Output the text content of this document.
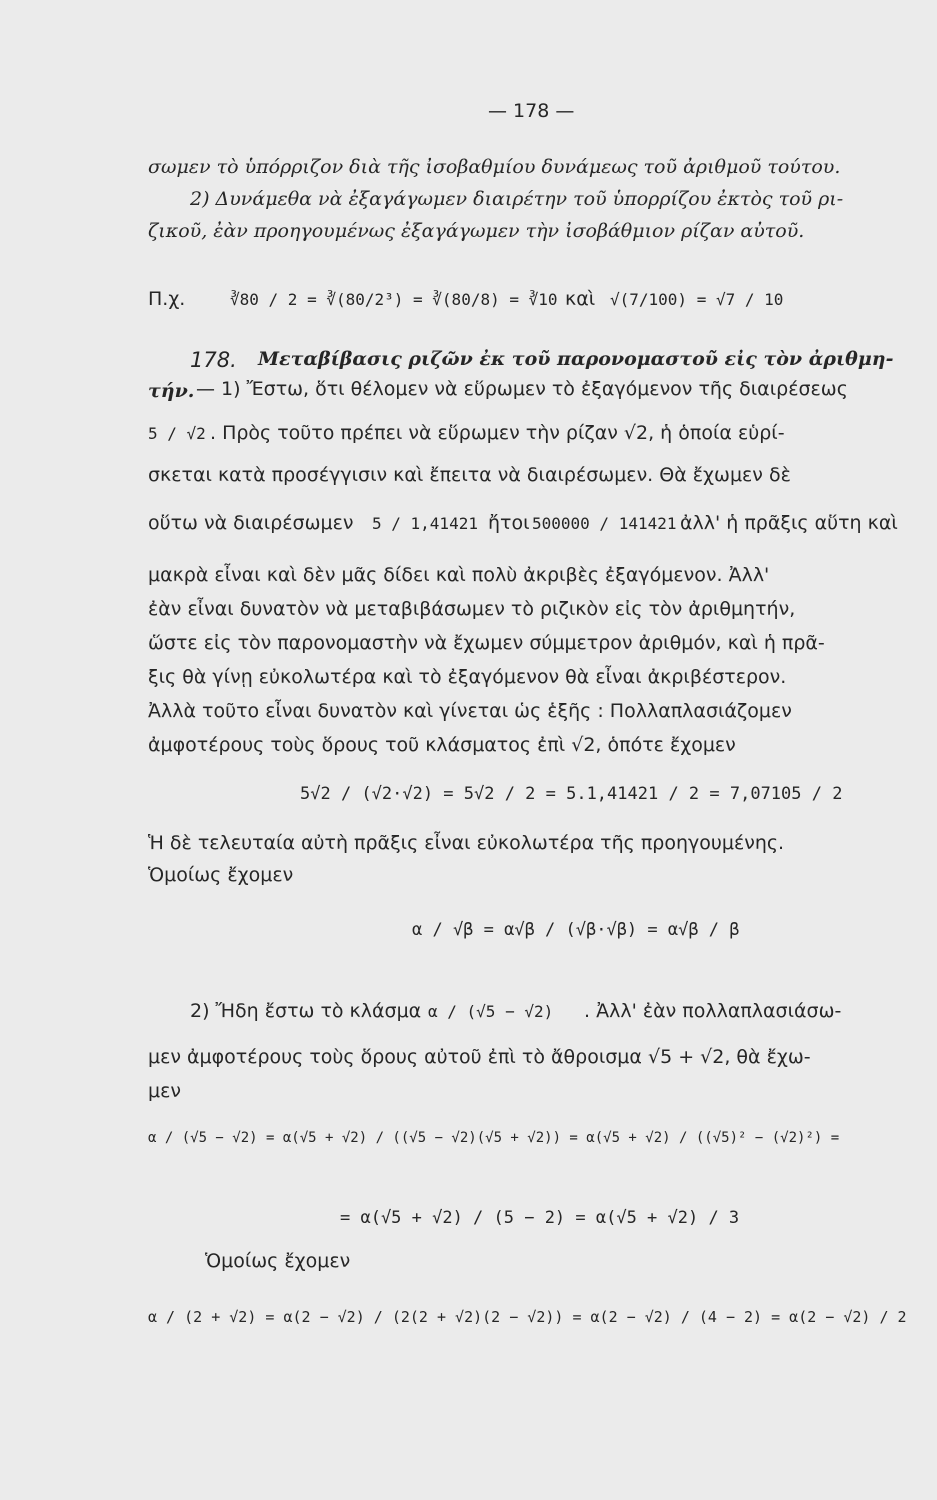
— 178 —
σωμεν τὸ ὑπόρριζον διὰ τῆς ἰσοβαθμίου δυνάμεως τοῦ ἀριθμοῦ τούτου.
2) Δυνάμεθα νὰ ἐξαγάγωμεν διαιρέτην τοῦ ὑπορρίζου ἐκτὸς τοῦ ρι-
ζικοῦ, ἐὰν προηγουμένως ἐξαγάγωμεν τὴν ἰσοβάθμιον ρίζαν αὐτοῦ.
Π.χ.	∛80 / 2 = ∛(80/2³) = ∛(80/8) = ∛10 καὶ √(7/100) = √7 / 10
178. Μεταβίβασις ριζῶν ἐκ τοῦ παρονομαστοῦ εἰς τὸν ἀριθμη-
τήν. — 1) Ἔστω, ὅτι θέλομεν νὰ εὕρωμεν τὸ ἐξαγόμενον τῆς διαιρέσεως
5 / √2 . Πρὸς τοῦτο πρέπει νὰ εὕρωμεν τὴν ρίζαν √2, ἡ ὁποία εὑρί-
σκεται κατὰ προσέγγισιν καὶ ἔπειτα νὰ διαιρέσωμεν. Θὰ ἔχωμεν δὲ
οὕτω νὰ διαιρέσωμεν 5 / 1,41421 ἤτοι 500000 / 141421 ἀλλ' ἡ πρᾶξις αὕτη καὶ
μακρὰ εἶναι καὶ δὲν μᾶς δίδει καὶ πολὺ ἀκριβὲς ἐξαγόμενον. Ἀλλ'
ἐὰν εἶναι δυνατὸν νὰ μεταβιβάσωμεν τὸ ριζικὸν εἰς τὸν ἀριθμητήν,
ὥστε εἰς τὸν παρονομαστὴν νὰ ἔχωμεν σύμμετρον ἀριθμόν, καὶ ἡ πρᾶ-
ξις θὰ γίνῃ εὐκολωτέρα καὶ τὸ ἐξαγόμενον θὰ εἶναι ἀκριβέστερον.
Ἀλλὰ τοῦτο εἶναι δυνατὸν καὶ γίνεται ὡς ἑξῆς : Πολλαπλασιάζομεν
ἀμφοτέρους τοὺς ὅρους τοῦ κλάσματος ἐπὶ √2, ὁπότε ἔχομεν
5√2 / (√2·√2) = 5√2 / 2 = 5.1,41421 / 2 = 7,07105 / 2
Ἡ δὲ τελευταία αὐτὴ πρᾶξις εἶναι εὐκολωτέρα τῆς προηγουμένης.
Ὁμοίως ἔχομεν
α / √β = α√β / (√β·√β) = α√β / β
2) Ἤδη ἔστω τὸ κλάσμα α / (√5 − √2) . Ἀλλ' ἐὰν πολλαπλασιάσω-
μεν ἀμφοτέρους τοὺς ὅρους αὐτοῦ ἐπὶ τὸ ἄθροισμα √5 + √2, θὰ ἔχω-
μεν
α / (√5 − √2) = α(√5 + √2) / ((√5 − √2)(√5 + √2)) = α(√5 + √2) / ((√5)² − (√2)²) =
= α(√5 + √2) / (5 − 2) = α(√5 + √2) / 3
Ὁμοίως ἔχομεν
α / (2 + √2) = α(2 − √2) / (2(2 + √2)(2 − √2)) = α(2 − √2) / (4 − 2) = α(2 − √2) / 2
